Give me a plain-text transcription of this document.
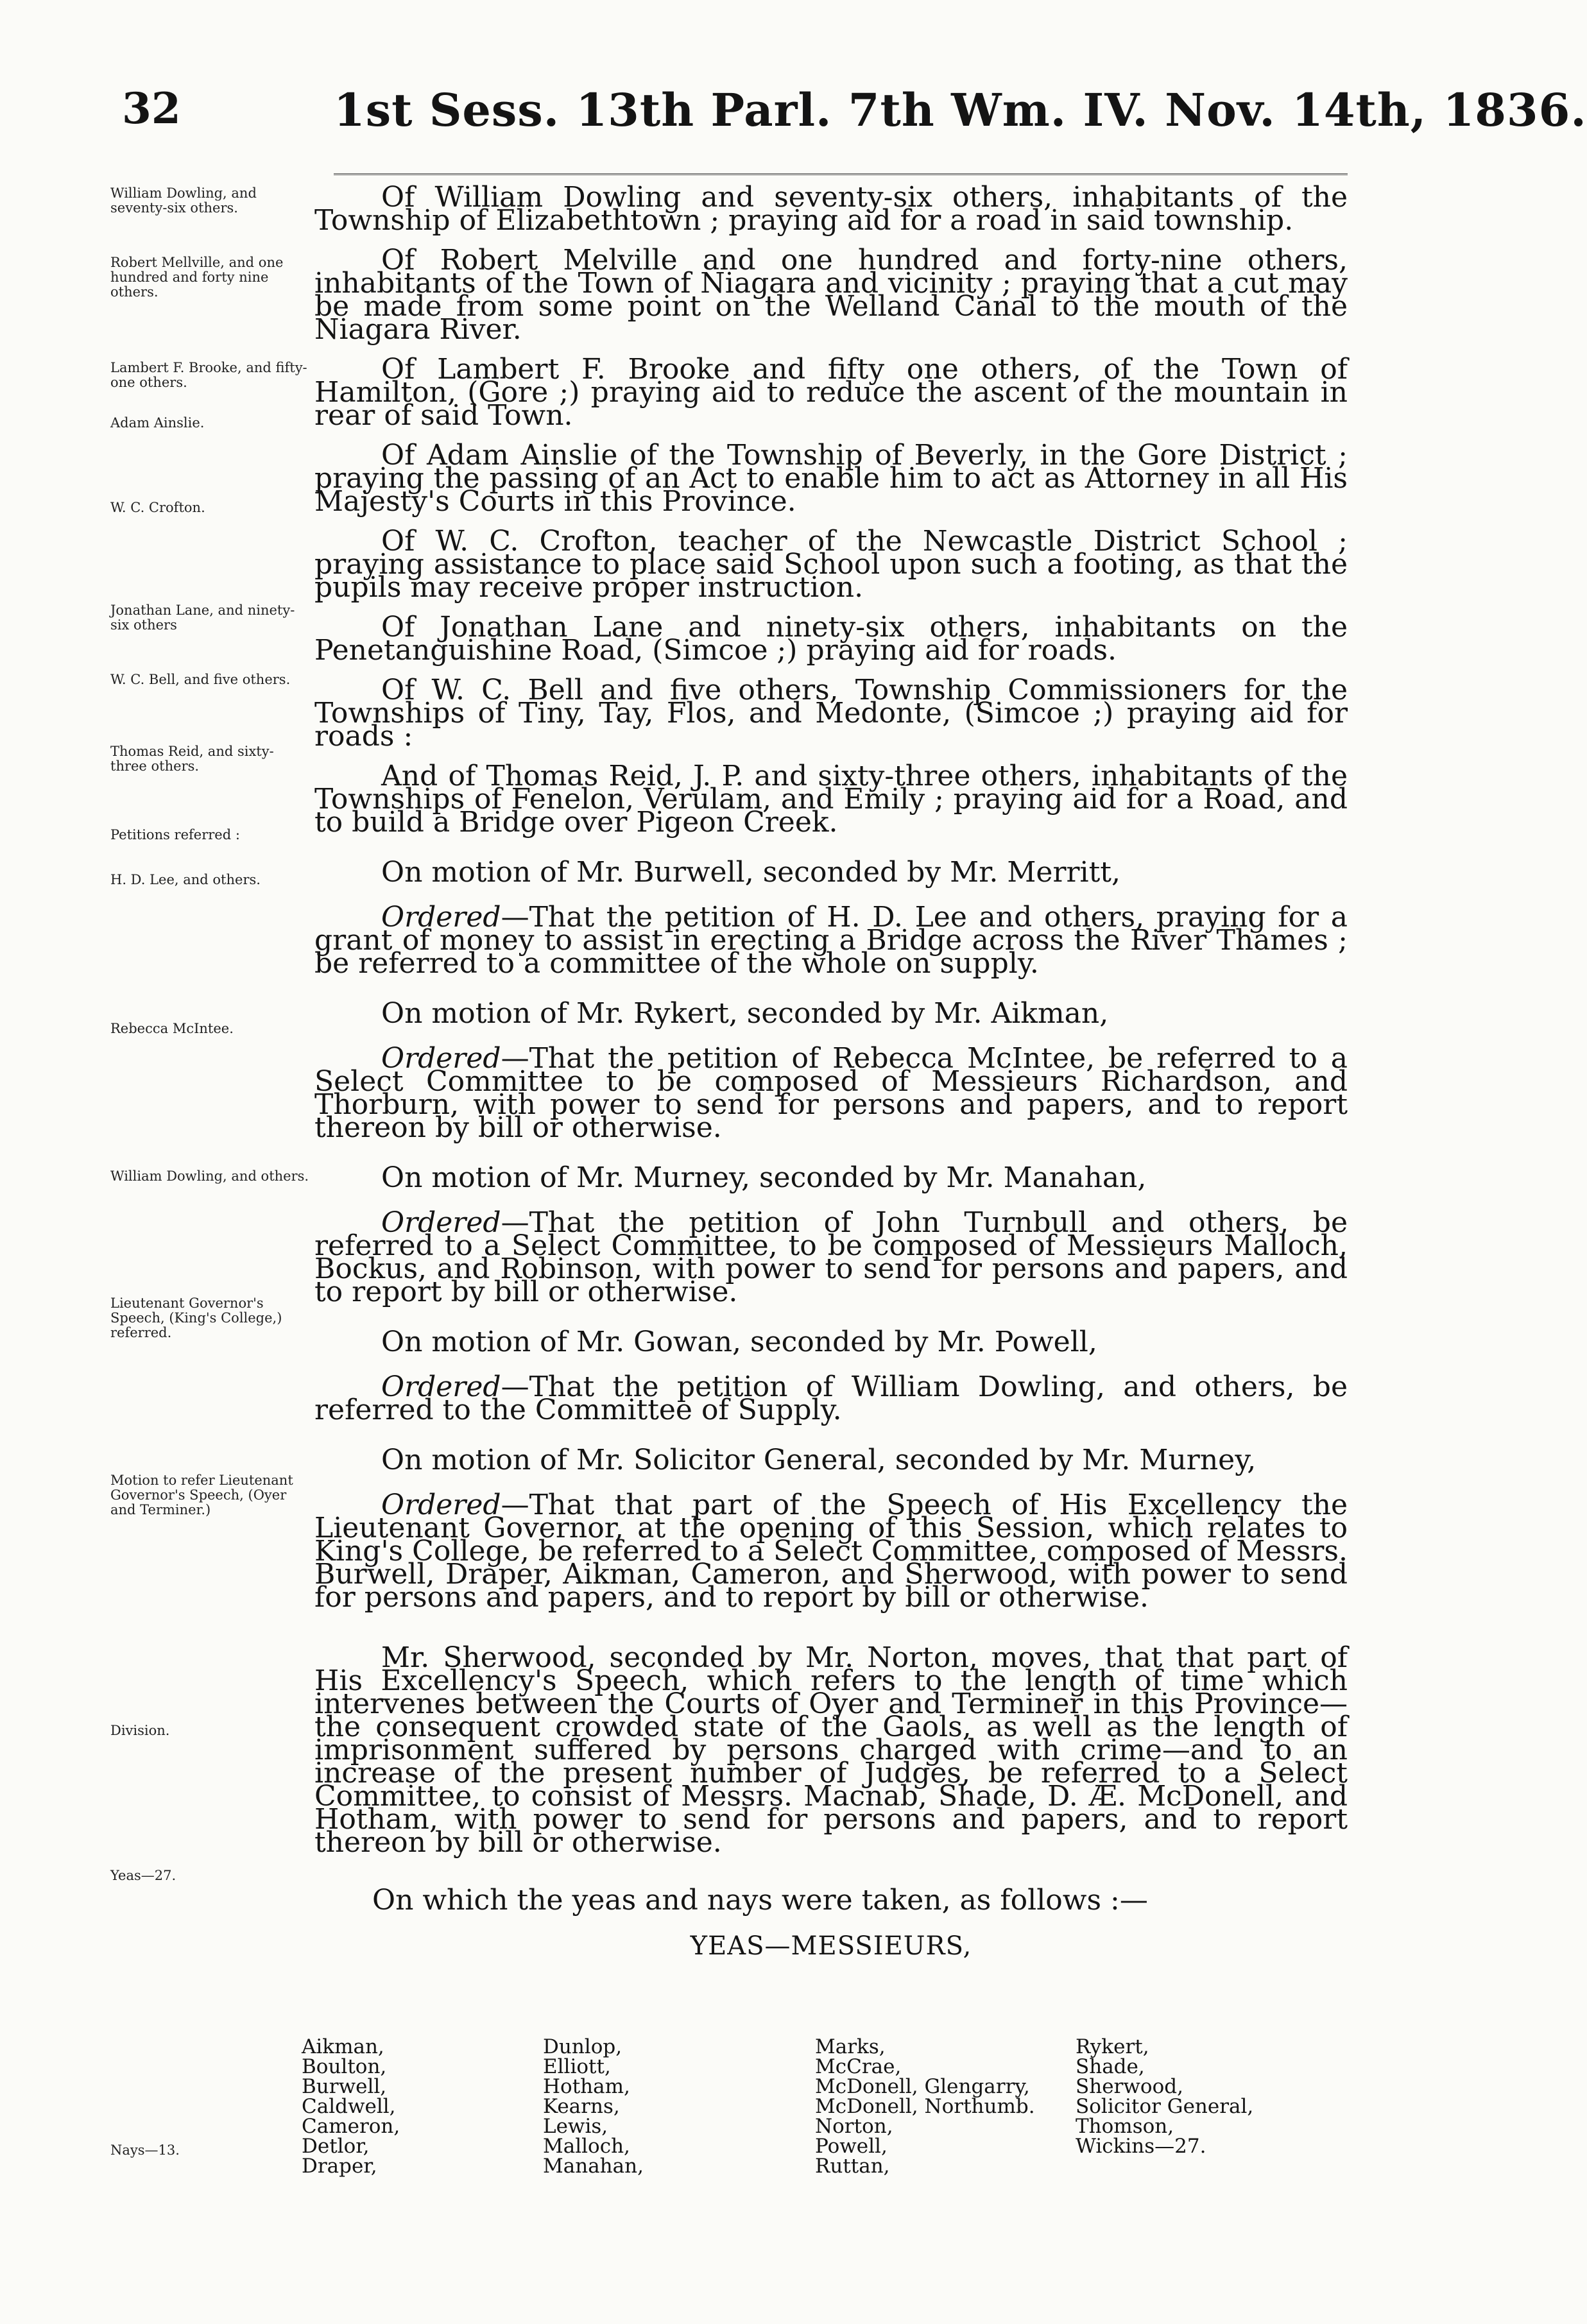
32	1st Sess. 13th Parl. 7th Wm. IV. Nov. 14th, 1836.
William Dowling, and seventy-six others.
Robert Mellville, and one hundred and forty nine others.
Lambert F. Brooke, and fifty-one others.
Adam Ainslie.
W. C. Crofton.
Jonathan Lane, and ninety-six others
W. C. Bell, and five others.
Thomas Reid, and sixty-three others.
Petitions referred :
H. D. Lee, and others.
Rebecca McIntee.
William Dowling, and others.
Lieutenant Governor's Speech, (King's College,) referred.
Motion to refer Lieutenant Governor's Speech, (Oyer and Terminer.)
Division.
Yeas—27.
Nays—13.

Of William Dowling and seventy-six others, inhabitants of the Township of Elizabethtown ; praying aid for a road in said township.

Of Robert Melville and one hundred and forty-nine others, inhabitants of the Town of Niagara and vicinity ; praying that a cut may be made from some point on the Welland Canal to the mouth of the Niagara River.

Of Lambert F. Brooke and fifty one others, of the Town of Hamilton, (Gore ;) praying aid to reduce the ascent of the mountain in rear of said Town.

Of Adam Ainslie of the Township of Beverly, in the Gore District ; praying the passing of an Act to enable him to act as Attorney in all His Majesty's Courts in this Province.

Of W. C. Crofton, teacher of the Newcastle District School ; praying assistance to place said School upon such a footing, as that the pupils may receive proper instruction.

Of Jonathan Lane and ninety-six others, inhabitants on the Penetanguishine Road, (Simcoe ;) praying aid for roads.

Of W. C. Bell and five others, Township Commissioners for the Townships of Tiny, Tay, Flos, and Medonte, (Simcoe ;) praying aid for roads :

And of Thomas Reid, J. P. and sixty-three others, inhabitants of the Townships of Fenelon, Verulam, and Emily ; praying aid for a Road, and to build a Bridge over Pigeon Creek.

On motion of Mr. Burwell, seconded by Mr. Merritt,

Ordered—That the petition of H. D. Lee and others, praying for a grant of money to assist in erecting a Bridge across the River Thames ; be referred to a committee of the whole on supply.

On motion of Mr. Rykert, seconded by Mr. Aikman,

Ordered—That the petition of Rebecca McIntee, be referred to a Select Committee to be composed of Messieurs Richardson, and Thorburn, with power to send for persons and papers, and to report thereon by bill or otherwise.

On motion of Mr. Murney, seconded by Mr. Manahan,

Ordered—That the petition of John Turnbull and others, be referred to a Select Committee, to be composed of Messieurs Malloch, Bockus, and Robinson, with power to send for persons and papers, and to report by bill or otherwise.

On motion of Mr. Gowan, seconded by Mr. Powell,

Ordered—That the petition of William Dowling, and others, be referred to the Committee of Supply.

On motion of Mr. Solicitor General, seconded by Mr. Murney,

Ordered—That that part of the Speech of His Excellency the Lieutenant Governor, at the opening of this Session, which relates to King's College, be referred to a Select Committee, composed of Messrs. Burwell, Draper, Aikman, Cameron, and Sherwood, with power to send for persons and papers, and to report by bill or otherwise.

Mr. Sherwood, seconded by Mr. Norton, moves, that that part of His Excellency's Speech, which refers to the length of time which intervenes between the Courts of Oyer and Terminer in this Province—the consequent crowded state of the Gaols, as well as the length of imprisonment suffered by persons charged with crime—and to an increase of the present number of Judges, be referred to a Select Committee, to consist of Messrs. Macnab, Shade, D. Æ. McDonell, and Hotham, with power to send for persons and papers, and to report thereon by bill or otherwise.

On which the yeas and nays were taken, as follows :—

YEAS—MESSIEURS,
Aikman,
Boulton,
Burwell,
Caldwell,
Cameron,
Detlor,
Draper,
Dunlop,
Elliott,
Hotham,
Kearns,
Lewis,
Malloch,
Manahan,
Marks,
McCrae,
McDonell, Glengarry,
McDonell, Northumb.
Norton,
Powell,
Ruttan,
Rykert,
Shade,
Sherwood,
Solicitor General,
Thomson,
Wickins—27.
